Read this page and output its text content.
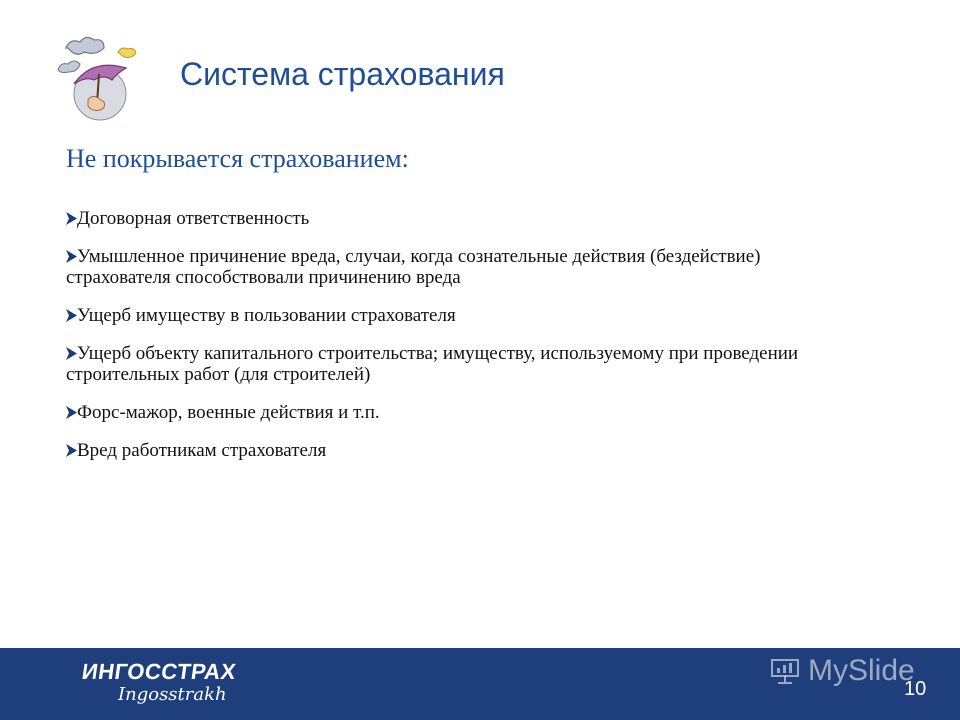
Система страхования
Не покрывается страхованием:
Договорная ответственность
Умышленное причинение вреда, случаи, когда сознательные действия (бездействие) страхователя способствовали причинению вреда
Ущерб имуществу в пользовании страхователя
Ущерб объекту капитального строительства; имуществу, используемому при проведении строительных работ (для строителей)
Форс-мажор, военные действия и т.п.
Вред работникам страхователя
ИНГОССТРАХ
Ingosstrakh
MySlide
10
